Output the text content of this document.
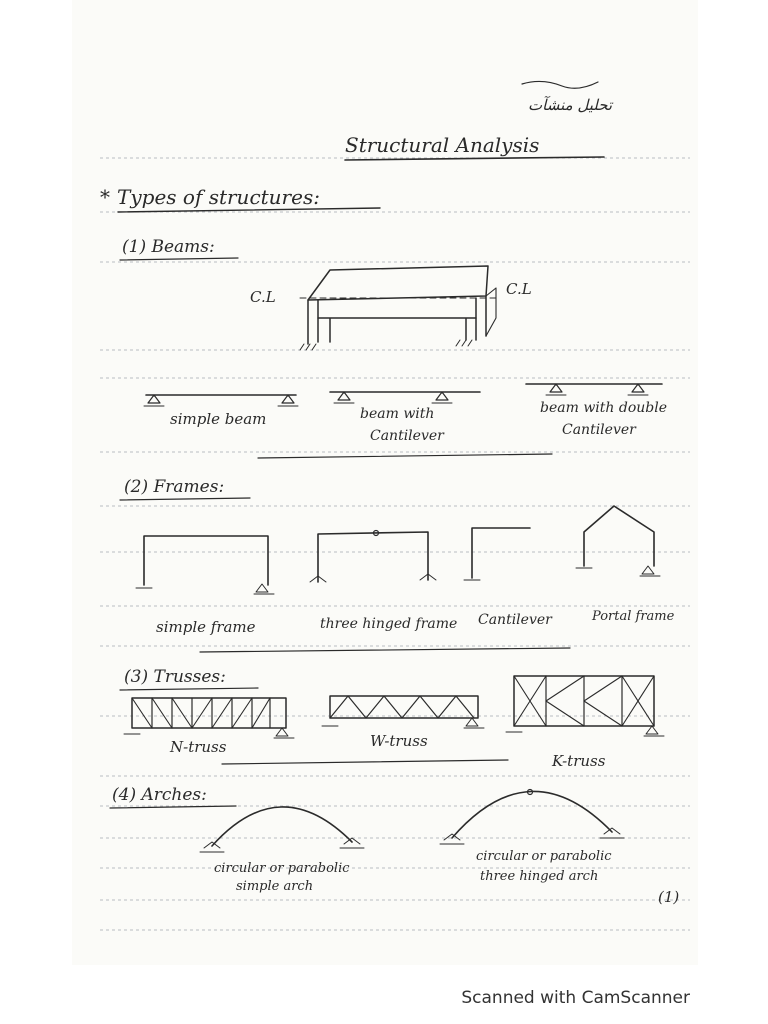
تحليل منشآت
Structural Analysis
* Types of structures:
(1) Beams:
C.L	C.L
simple beam	beam with
Cantilever
beam with double
Cantilever
(2) Frames:
simple frame	three hinged frame Cantilever	Portal frame
(3) Trusses:
N-truss	W-truss
K-truss
(4) Arches:
circular or parabolic
simple arch
circular or parabolic
three hinged arch
(1)
Scanned with CamScanner
